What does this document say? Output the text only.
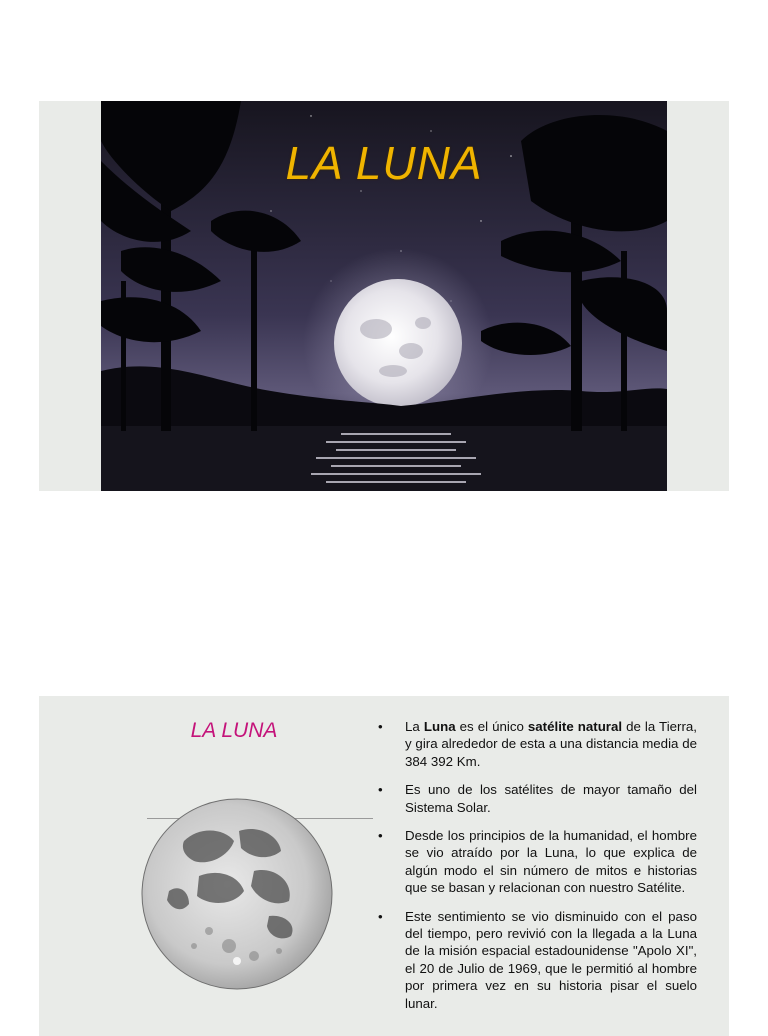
LA LUNA
LA LUNA	• La Luna es el único satélite natural de la Tierra, y gira alrededor de esta a una distancia media de 384 392 Km.
• Es uno de los satélites de mayor tamaño del Sistema Solar.
• Desde los principios de la humanidad, el hombre se vio atraído por la Luna, lo que explica de algún modo el sin número de mitos e historias que se basan y relacionan con nuestro Satélite.
• Este sentimiento se vio disminuido con el paso del tiempo, pero revivió con la llegada a la Luna de la misión espacial estadounidense "Apolo XI", el 20 de Julio de 1969, que le permitió al hombre por primera vez en su historia pisar el suelo lunar.
